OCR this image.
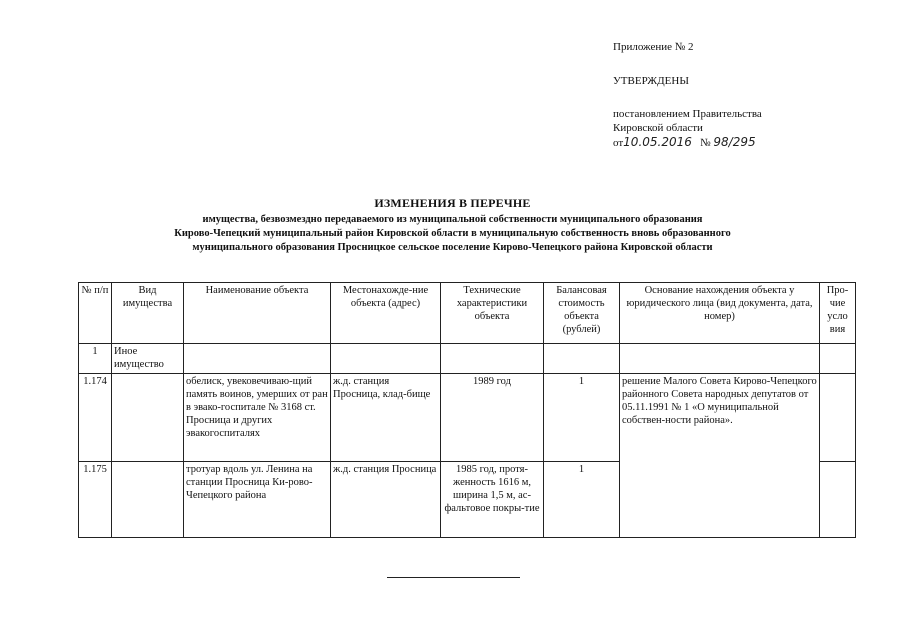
Приложение № 2
УТВЕРЖДЕНЫ
постановлением Правительства
Кировской области
от10.05.2016 № 98/295
ИЗМЕНЕНИЯ В ПЕРЕЧНЕ
имущества, безвозмездно передаваемого из муниципальной собственности муниципального образования
Кирово-Чепецкий муниципальный район Кировской области в муниципальную собственность вновь образованного
муниципального образования Просницкое сельское поселение Кирово-Чепецкого района Кировской области
№ п/п	Вид имущества	Наименование объекта	Местонахожде-ние объекта (адрес)	Технические характеристики объекта	Балансовая стоимость объекта (рублей)	Основание нахождения объекта у юридического лица (вид документа, дата, номер)	Про-чие усло вия
1	Иное имущество						
1.174		обелиск, увековечиваю-щий память воинов, умерших от ран в эвако-госпитале № 3168 ст. Просница и других эвакогоспиталях	ж.д. станция Просница, клад-бище	1989 год	1	решение Малого Совета Кирово-Чепецкого районного Совета народных депутатов от 05.11.1991 № 1 «О муниципальной собствен-ности района».	
1.175		тротуар вдоль ул. Ленина на станции Просница Ки-рово-Чепецкого района	ж.д. станция Просница	1985 год, протя-женность 1616 м, ширина 1,5 м, ас-фальтовое покры-тие	1		
